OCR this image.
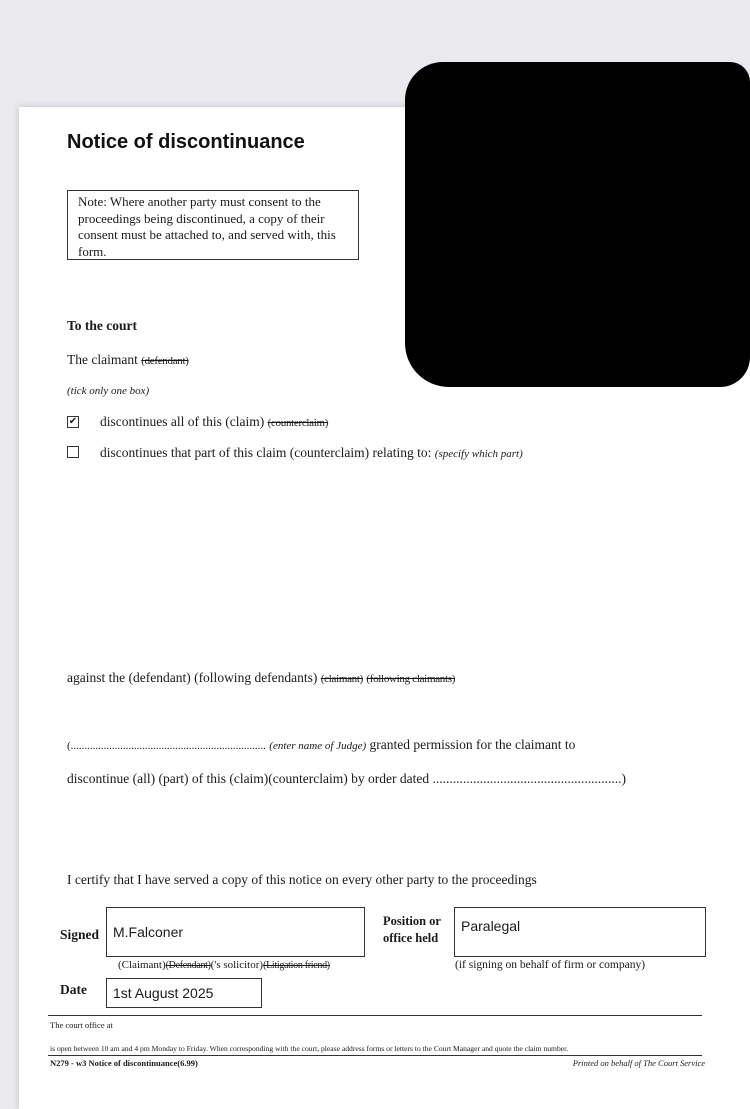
Notice of discontinuance
Note: Where another party must consent to the proceedings being discontinued, a copy of their consent must be attached to, and served with, this form.
To the court
The claimant (defendant)
(tick only one box)
✔ discontinues all of this (claim) (counterclaim)
discontinues that part of this claim (counterclaim) relating to: (specify which part)
against the (defendant) (following defendants) (claimant) (following claimants)
(....................................................................... (enter name of Judge) granted permission for the claimant to
discontinue (all) (part) of this (claim)(counterclaim) by order dated ........................................................)
I certify that I have served a copy of this notice on every other party to the proceedings
Signed M.Falconer
(Claimant)(Defendant)('s solicitor)(Litigation friend)
Position or
office held
Paralegal
(if signing on behalf of firm or company)
Date	1st August 2025
The court office at
is open between 10 am and 4 pm Monday to Friday. When corresponding with the court, please address forms or letters to the Court Manager and quote the claim number.
N279 - w3 Notice of discontinuance(6.99)	Printed on behalf of The Court Service
